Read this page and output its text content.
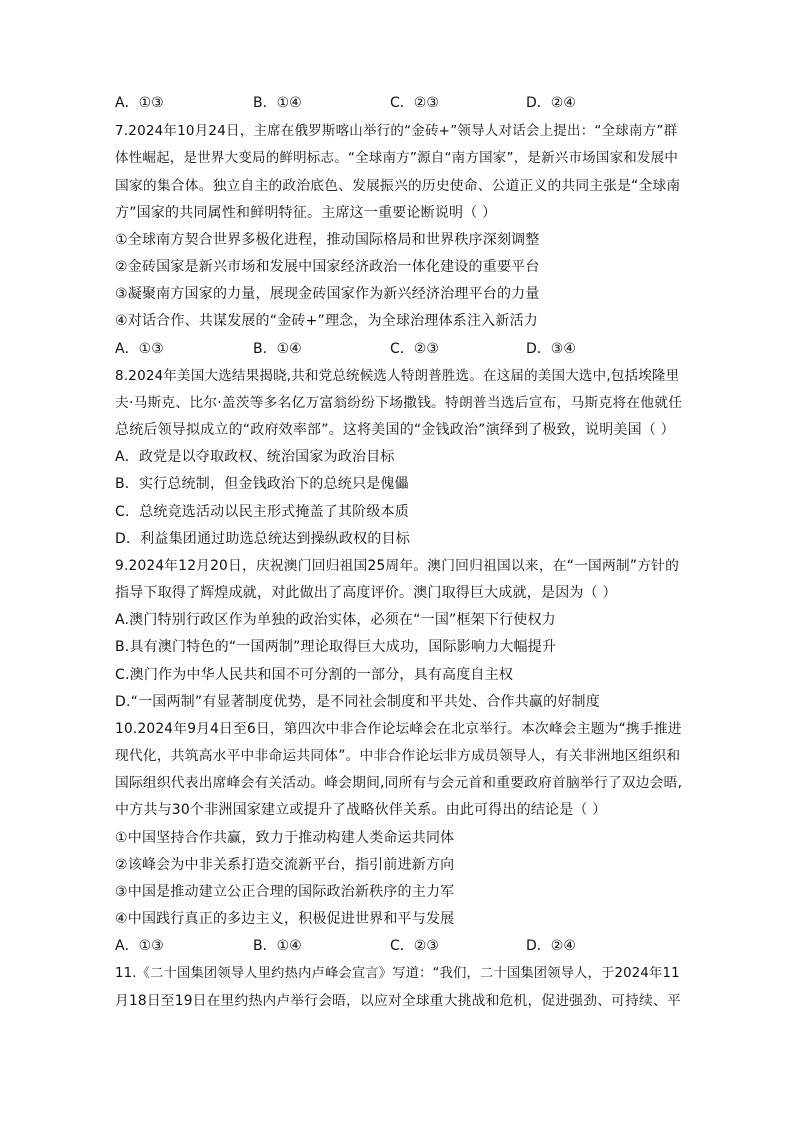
A．①③	B．①④	C．②③	D．②④
7.2024年10月24日，主席在俄罗斯喀山举行的“金砖+”领导人对话会上提出：“全球南方”群
体性崛起，是世界大变局的鲜明标志。“全球南方”源自“南方国家”，是新兴市场国家和发展中
国家的集合体。独立自主的政治底色、发展振兴的历史使命、公道正义的共同主张是“全球南
方”国家的共同属性和鲜明特征。主席这一重要论断说明（ ）
①全球南方契合世界多极化进程，推动国际格局和世界秩序深刻调整
②金砖国家是新兴市场和发展中国家经济政治一体化建设的重要平台
③凝聚南方国家的力量，展现金砖国家作为新兴经济治理平台的力量
④对话合作、共谋发展的“金砖+”理念，为全球治理体系注入新活力
A．①③	B．①④	C．②③	D．③④
8.2024年美国大选结果揭晓,共和党总统候选人特朗普胜选。在这届的美国大选中,包括埃隆里
夫·马斯克、比尔·盖茨等多名亿万富翁纷纷下场撒钱。特朗普当选后宣布，马斯克将在他就任
总统后领导拟成立的“政府效率部”。这将美国的“金钱政治”演绎到了极致，说明美国（ ）
A．政党是以夺取政权、统治国家为政治目标
B．实行总统制，但金钱政治下的总统只是傀儡
C．总统竞选活动以民主形式掩盖了其阶级本质
D．利益集团通过助选总统达到操纵政权的目标
9.2024年12月20日，庆祝澳门回归祖国25周年。澳门回归祖国以来，在“一国两制”方针的
指导下取得了辉煌成就，对此做出了高度评价。澳门取得巨大成就，是因为（ ）
A.澳门特别行政区作为单独的政治实体，必须在“一国”框架下行使权力
B.具有澳门特色的“一国两制”理论取得巨大成功，国际影响力大幅提升
C.澳门作为中华人民共和国不可分割的一部分，具有高度自主权
D.“一国两制”有显著制度优势，是不同社会制度和平共处、合作共赢的好制度
10.2024年9月4日至6日，第四次中非合作论坛峰会在北京举行。本次峰会主题为“携手推进
现代化，共筑高水平中非命运共同体”。中非合作论坛非方成员领导人，有关非洲地区组织和
国际组织代表出席峰会有关活动。峰会期间,同所有与会元首和重要政府首脑举行了双边会晤,
中方共与30个非洲国家建立或提升了战略伙伴关系。由此可得出的结论是（ ）
①中国坚持合作共赢，致力于推动构建人类命运共同体
②该峰会为中非关系打造交流新平台，指引前进新方向
③中国是推动建立公正合理的国际政治新秩序的主力军
④中国践行真正的多边主义，积极促进世界和平与发展
A．①③	B．①④	C．②③	D．②④
11.《二十国集团领导人里约热内卢峰会宣言》写道：“我们，二十国集团领导人，于2024年11
月18日至19日在里约热内卢举行会晤，以应对全球重大挑战和危机，促进强劲、可持续、平
